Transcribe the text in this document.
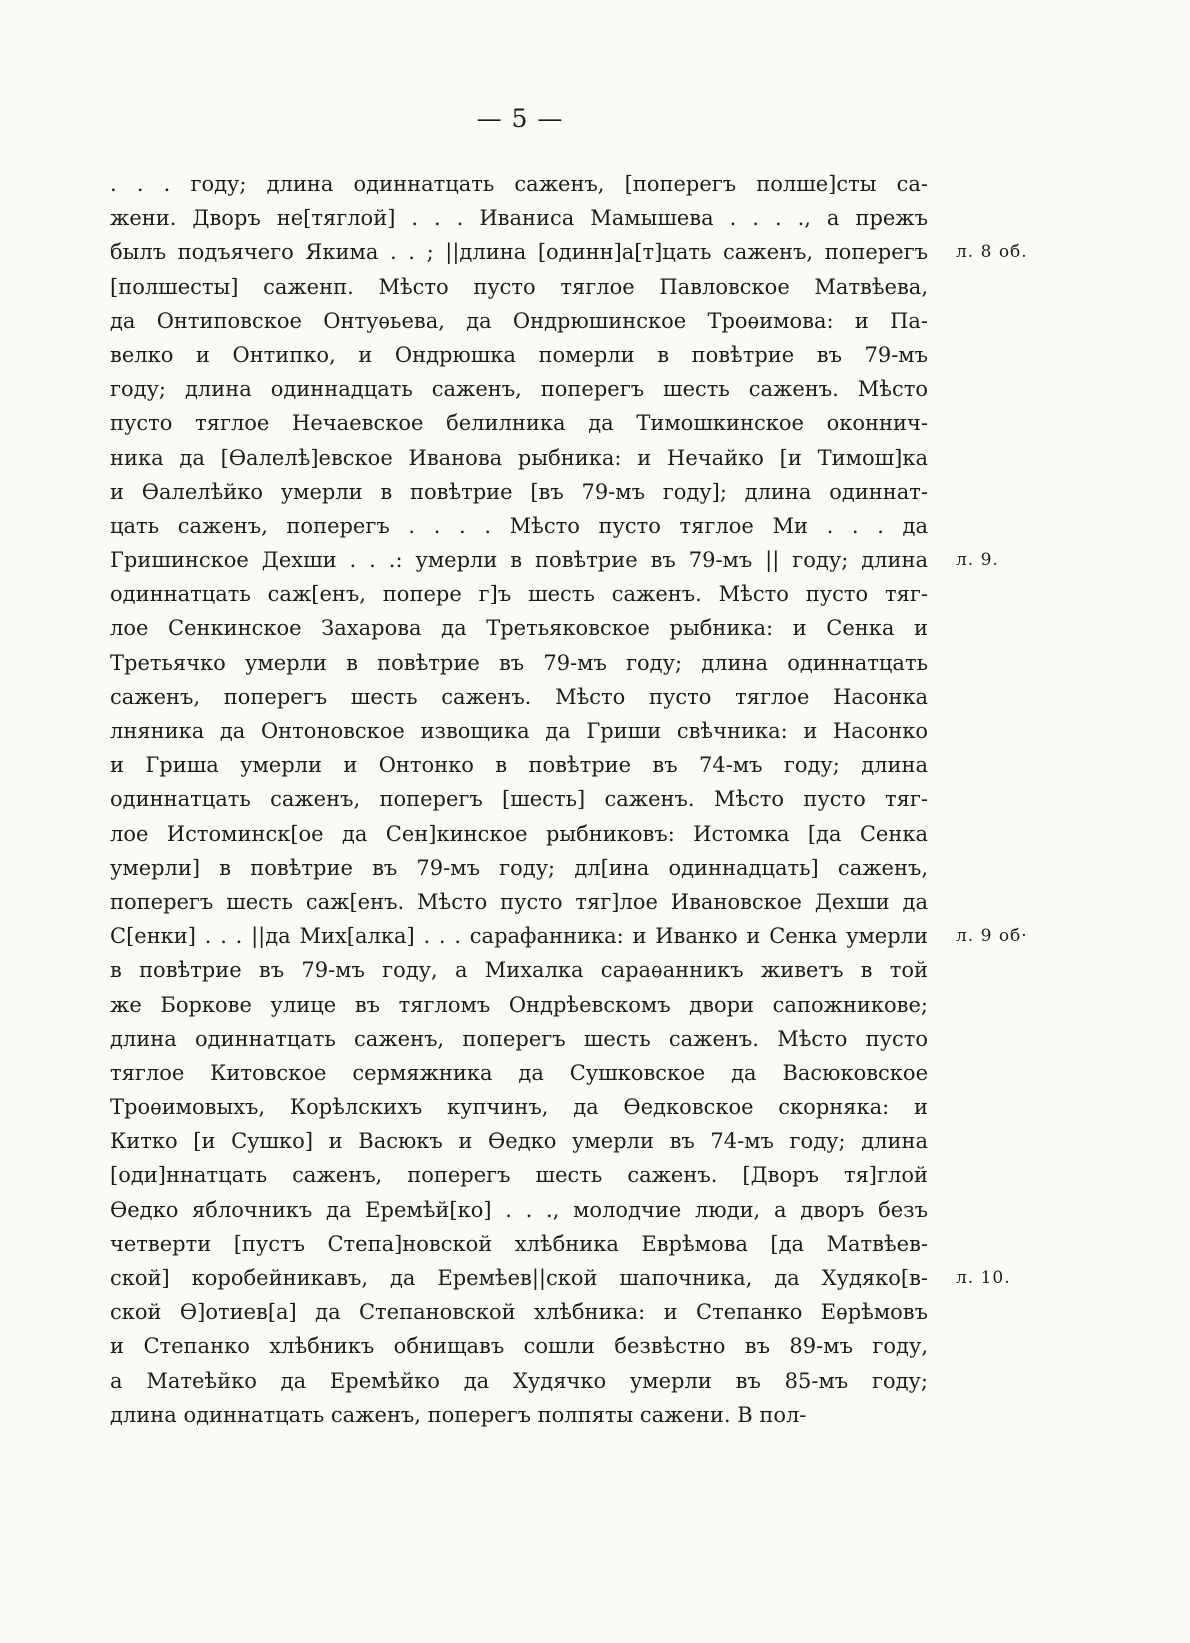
— 5 —
. . . году; длина одиннатцать саженъ, [поперегъ полше]сты са-
жени. Дворъ не[тяглой] . . . Иваниса Мамышева . . . ., а прежъ
былъ подъячего Якима . . ; ||длина [одинн]а[т]цать саженъ, поперегъ л. 8 об.
[полшесты] саженп. Мѣсто пусто тяглое Павловское Матвѣева,
да Онтиповское Онтуѳьева, да Ондрюшинское Троѳимова: и Па-
велко и Онтипко, и Ондрюшка померли в повѣтрие въ 79-мъ
году; длина одиннадцать саженъ, поперегъ шесть саженъ. Мѣсто
пусто тяглое Нечаевское белилника да Тимошкинское оконнич-
ника да [Ѳалелѣ]евское Иванова рыбника: и Нечайко [и Тимош]ка
и Ѳалелѣйко умерли в повѣтрие [въ 79-мъ году]; длина одиннат-
цать саженъ, поперегъ . . . . Мѣсто пусто тяглое Ми . . . да
Гришинское Дехши . . .: умерли в повѣтрие въ 79-мъ || году; длина л. 9.
одиннатцать саж[енъ, попере г]ъ шесть саженъ. Мѣсто пусто тяг-
лое Сенкинское Захарова да Третьяковское рыбника: и Сенка и
Третьячко умерли в повѣтрие въ 79-мъ году; длина одиннатцать
саженъ, поперегъ шесть саженъ. Мѣсто пусто тяглое Насонка
лняника да Онтоновское извощика да Гриши свѣчника: и Насонко
и Гриша умерли и Онтонко в повѣтрие въ 74-мъ году; длина
одиннатцать саженъ, поперегъ [шесть] саженъ. Мѣсто пусто тяг-
лое Истоминск[ое да Сен]кинское рыбниковъ: Истомка [да Сенка
умерли] в повѣтрие въ 79-мъ году; дл[ина одиннадцать] саженъ,
поперегъ шесть саж[енъ. Мѣсто пусто тяг]лое Ивановское Дехши да
С[енки] . . . ||да Мих[алка] . . . сарафанника: и Иванко и Сенка умерли л. 9 об·
в повѣтрие въ 79-мъ году, а Михалка сараѳанникъ живетъ в той
же Боркове улице въ тягломъ Ондрѣевскомъ двори сапожникове;
длина одиннатцать саженъ, поперегъ шесть саженъ. Мѣсто пусто
тяглое Китовское сермяжника да Сушковское да Васюковское
Троѳимовыхъ, Корѣлскихъ купчинъ, да Ѳедковское скорняка: и
Китко [и Сушко] и Васюкъ и Ѳедко умерли въ 74-мъ году; длина
[оди]ннатцать саженъ, поперегъ шесть саженъ. [Дворъ тя]глой
Ѳедко яблочникъ да Еремѣй[ко] . . ., молодчие люди, а дворъ безъ
четверти [пустъ Степа]новской хлѣбника Еврѣмова [да Матвѣев-
ской] коробейникавъ, да Еремѣев||ской шапочника, да Худяко[в- л. 10.
ской Ѳ]отиев[а] да Степановской хлѣбника: и Степанко Еѳрѣмовъ
и Степанко хлѣбникъ обнищавъ сошли безвѣстно въ 89-мъ году,
а Матеѣйко да Еремѣйко да Худячко умерли въ 85-мъ году;
длина одиннатцать саженъ, поперегъ полпяты сажени. В пол-
